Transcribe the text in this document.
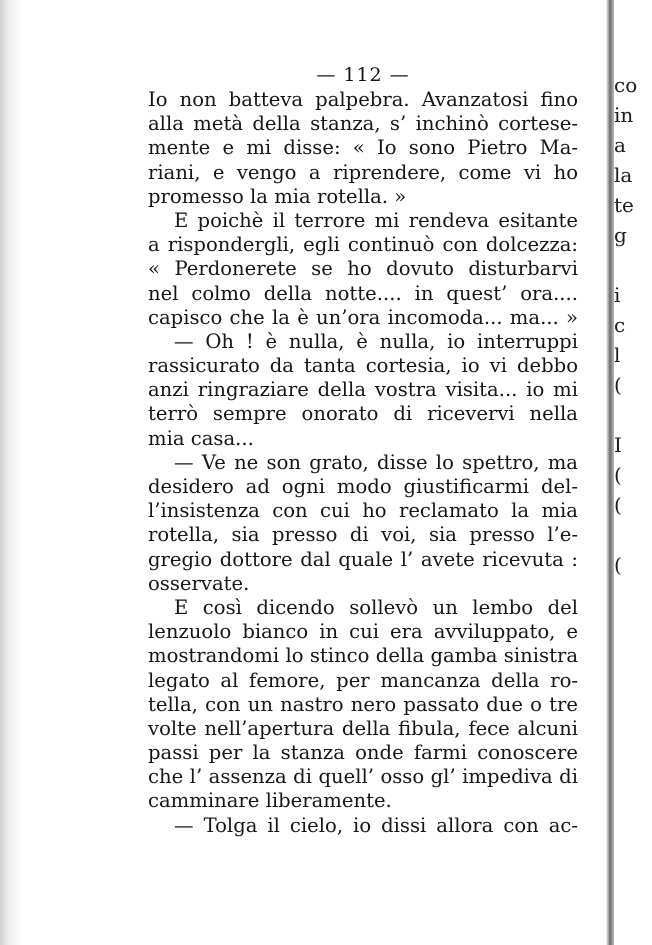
— 112 —
Io non batteva palpebra. Avanzatosi fino
alla metà della stanza, s’ inchinò cortese-
mente e mi disse: « Io sono Pietro Ma-
riani, e vengo a riprendere, come vi ho
promesso la mia rotella. »
E poichè il terrore mi rendeva esitante
a rispondergli, egli continuò con dolcezza:
« Perdonerete se ho dovuto disturbarvi
nel colmo della notte.... in quest’ ora....
capisco che la è un’ora incomoda... ma... »
— Oh ! è nulla, è nulla, io interruppi
rassicurato da tanta cortesia, io vi debbo
anzi ringraziare della vostra visita... io mi
terrò sempre onorato di ricevervi nella
mia casa...
— Ve ne son grato, disse lo spettro, ma
desidero ad ogni modo giustificarmi del-
l’insistenza con cui ho reclamato la mia
rotella, sia presso di voi, sia presso l’e-
gregio dottore dal quale l’ avete ricevuta :
osservate.
E così dicendo sollevò un lembo del
lenzuolo bianco in cui era avviluppato, e
mostrandomi lo stinco della gamba sinistra
legato al femore, per mancanza della ro-
tella, con un nastro nero passato due o tre
volte nell’apertura della fibula, fece alcuni
passi per la stanza onde farmi conoscere
che l’ assenza di quell’ osso gl’ impediva di
camminare liberamente.
— Tolga il cielo, io dissi allora con ac-
co
in
a
la
te
g
i
c
l
(
I
(
(
(
